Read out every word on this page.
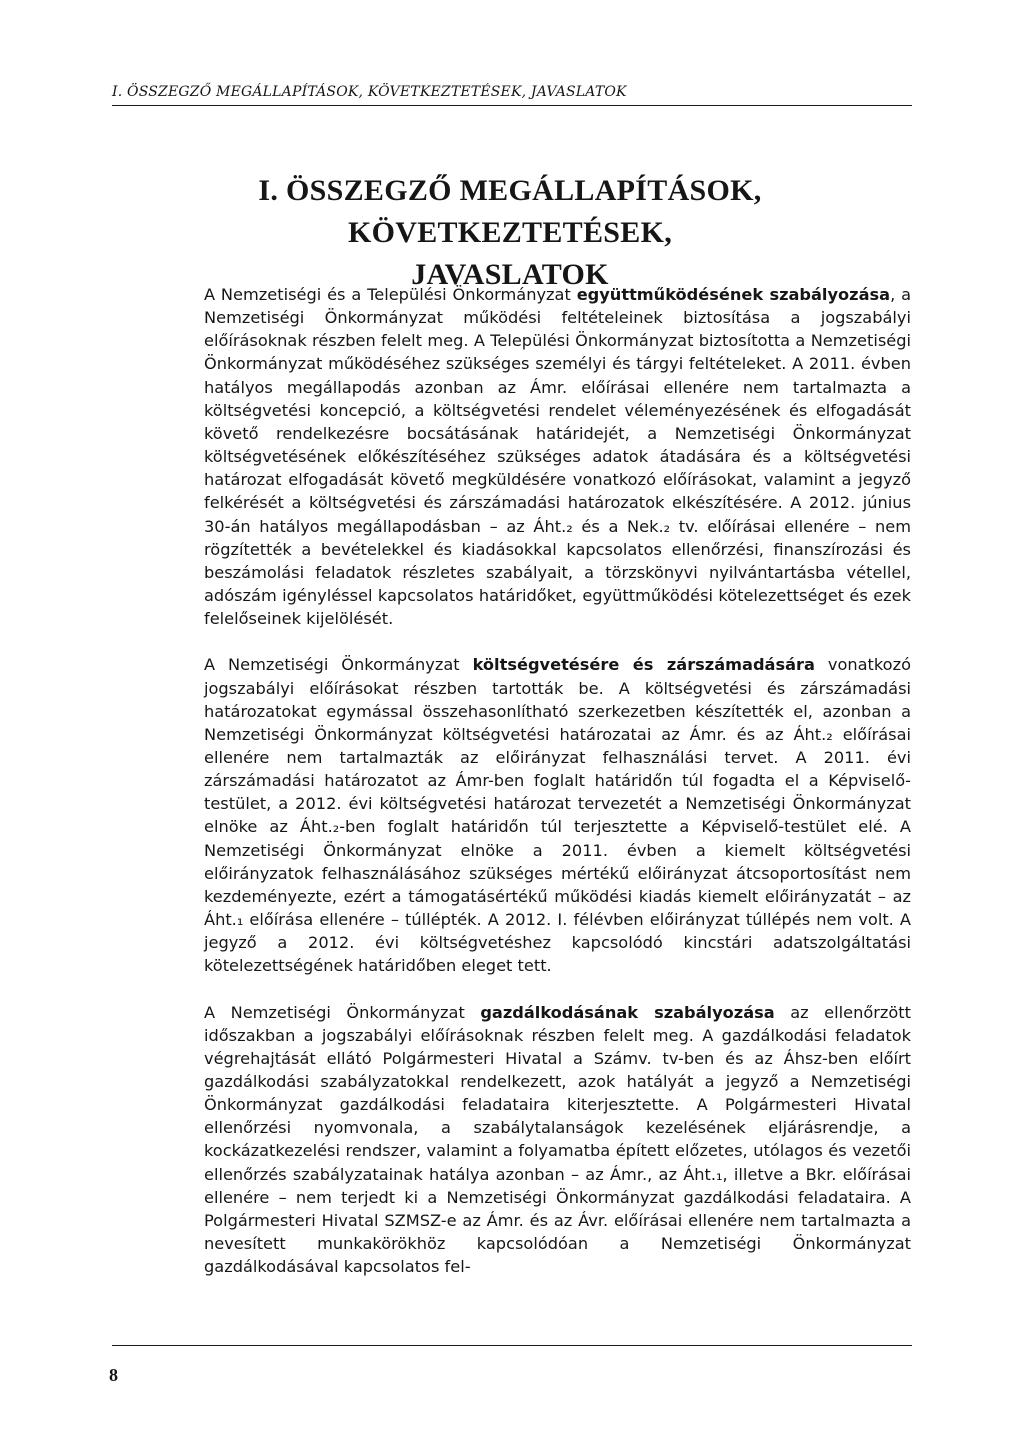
I. ÖSSZEGZŐ MEGÁLLAPÍTÁSOK, KÖVETKEZTETÉSEK, JAVASLATOK
I. ÖSSZEGZŐ MEGÁLLAPÍTÁSOK, KÖVETKEZTETÉSEK,
JAVASLATOK

A Nemzetiségi és a Települési Önkormányzat együttműködésének szabályozása, a Nemzetiségi Önkormányzat működési feltételeinek biztosítása a jogszabályi előírásoknak részben felelt meg. A Települési Önkormányzat biztosította a Nemzetiségi Önkormányzat működéséhez szükséges személyi és tárgyi feltételeket. A 2011. évben hatályos megállapodás azonban az Ámr. előírásai ellenére nem tartalmazta a költségvetési koncepció, a költségvetési rendelet véleményezésének és elfogadását követő rendelkezésre bocsátásának határidejét, a Nemzetiségi Önkormányzat költségvetésének előkészítéséhez szükséges adatok átadására és a költségvetési határozat elfogadását követő megküldésére vonatkozó előírásokat, valamint a jegyző felkérését a költségvetési és zárszámadási határozatok elkészítésére. A 2012. június 30-án hatályos megállapodásban – az Áht.₂ és a Nek.₂ tv. előírásai ellenére – nem rögzítették a bevételekkel és kiadásokkal kapcsolatos ellenőrzési, finanszírozási és beszámolási feladatok részletes szabályait, a törzskönyvi nyilvántartásba vétellel, adószám igényléssel kapcsolatos határidőket, együttműködési kötelezettséget és ezek felelőseinek kijelölését.

A Nemzetiségi Önkormányzat költségvetésére és zárszámadására vonatkozó jogszabályi előírásokat részben tartották be. A költségvetési és zárszámadási határozatokat egymással összehasonlítható szerkezetben készítették el, azonban a Nemzetiségi Önkormányzat költségvetési határozatai az Ámr. és az Áht.₂ előírásai ellenére nem tartalmazták az előirányzat felhasználási tervet. A 2011. évi zárszámadási határozatot az Ámr-ben foglalt határidőn túl fogadta el a Képviselő-testület, a 2012. évi költségvetési határozat tervezetét a Nemzetiségi Önkormányzat elnöke az Áht.₂-ben foglalt határidőn túl terjesztette a Képviselő-testület elé. A Nemzetiségi Önkormányzat elnöke a 2011. évben a kiemelt költségvetési előirányzatok felhasználásához szükséges mértékű előirányzat átcsoportosítást nem kezdeményezte, ezért a támogatásértékű működési kiadás kiemelt előirányzatát – az Áht.₁ előírása ellenére – túllépték. A 2012. I. félévben előirányzat túllépés nem volt. A jegyző a 2012. évi költségvetéshez kapcsolódó kincstári adatszolgáltatási kötelezettségének határidőben eleget tett.

A Nemzetiségi Önkormányzat gazdálkodásának szabályozása az ellenőrzött időszakban a jogszabályi előírásoknak részben felelt meg. A gazdálkodási feladatok végrehajtását ellátó Polgármesteri Hivatal a Számv. tv-ben és az Áhsz-ben előírt gazdálkodási szabályzatokkal rendelkezett, azok hatályát a jegyző a Nemzetiségi Önkormányzat gazdálkodási feladataira kiterjesztette. A Polgármesteri Hivatal ellenőrzési nyomvonala, a szabálytalanságok kezelésének eljárásrendje, a kockázatkezelési rendszer, valamint a folyamatba épített előzetes, utólagos és vezetői ellenőrzés szabályzatainak hatálya azonban – az Ámr., az Áht.₁, illetve a Bkr. előírásai ellenére – nem terjedt ki a Nemzetiségi Önkormányzat gazdálkodási feladataira. A Polgármesteri Hivatal SZMSZ-e az Ámr. és az Ávr. előírásai ellenére nem tartalmazta a nevesített munkakörökhöz kapcsolódóan a Nemzetiségi Önkormányzat gazdálkodásával kapcsolatos fel-

8
